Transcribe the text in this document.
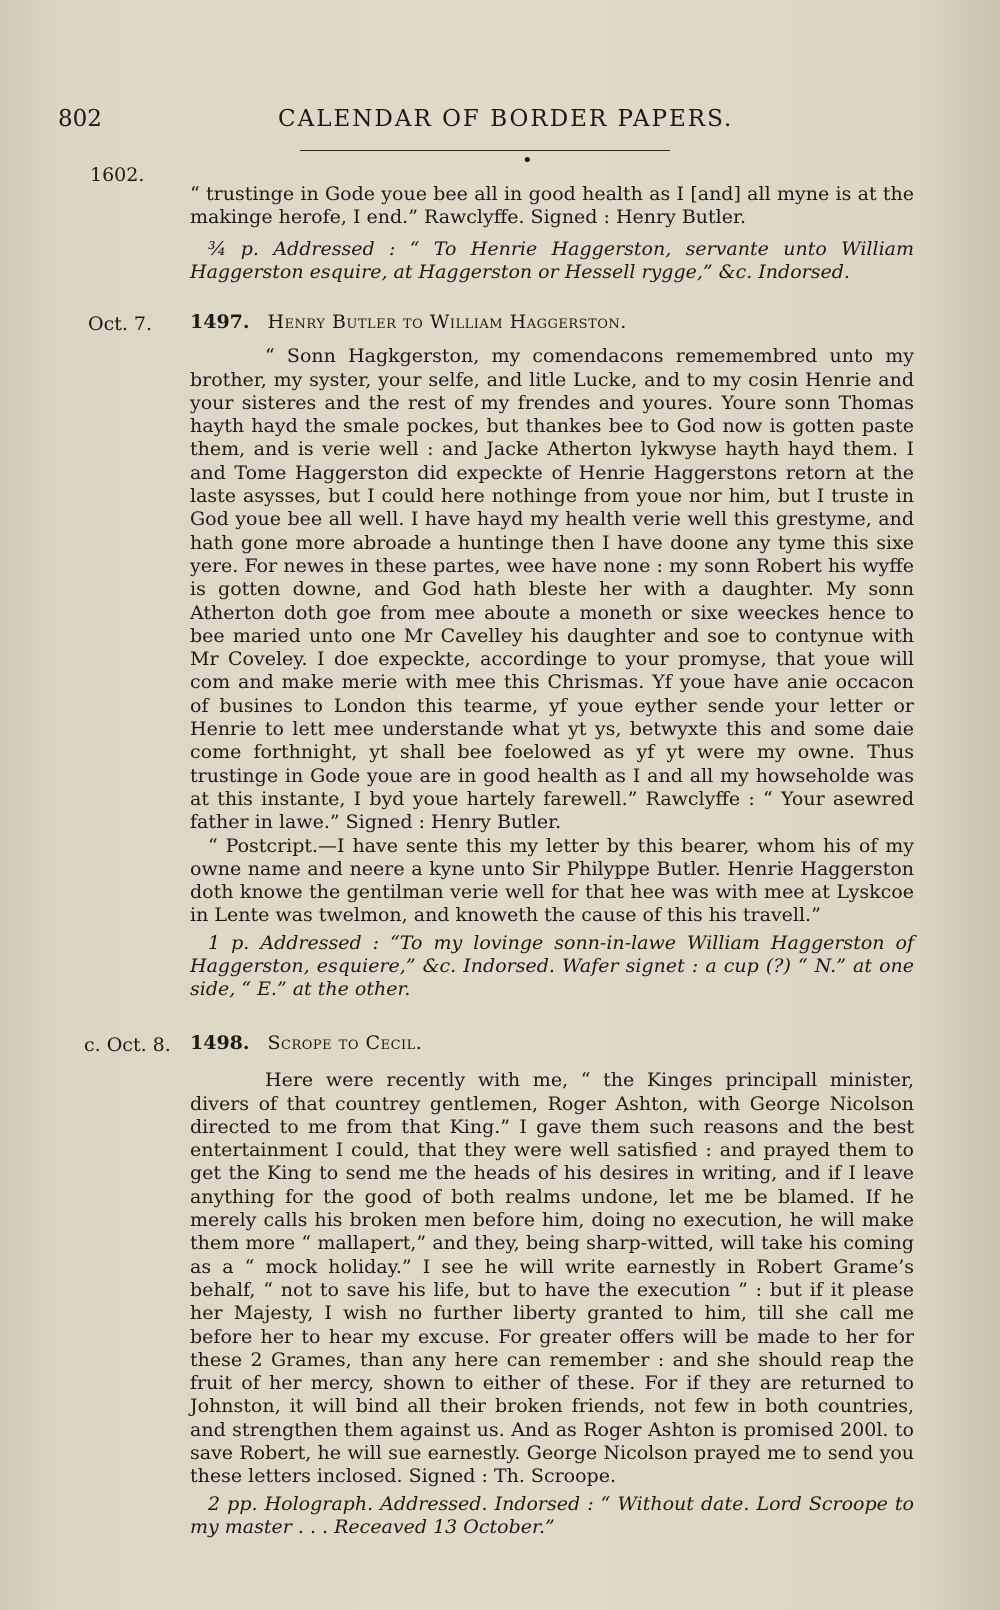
802	CALENDAR OF BORDER PAPERS.
•
1602.

“ trustinge in Gode youe bee all in good health as I [and] all myne is at the makinge herofe, I end.” Rawclyffe. Signed : Henry Butler.

¾ p. Addressed : “ To Henrie Haggerston, servante unto William Haggerston esquire, at Haggerston or Hessell rygge,” &c. Indorsed.

Oct. 7. 1497. Henry Butler to William Haggerston.

“ Sonn Hagkgerston, my comendacons rememembred unto my brother, my syster, your selfe, and litle Lucke, and to my cosin Henrie and your sisteres and the rest of my frendes and youres. Youre sonn Thomas hayth hayd the smale pockes, but thankes bee to God now is gotten paste them, and is verie well : and Jacke Atherton lykwyse hayth hayd them. I and Tome Haggerston did expeckte of Henrie Haggerstons retorn at the laste asysses, but I could here nothinge from youe nor him, but I truste in God youe bee all well. I have hayd my health verie well this grestyme, and hath gone more abroade a huntinge then I have doone any tyme this sixe yere. For newes in these partes, wee have none : my sonn Robert his wyffe is gotten downe, and God hath bleste her with a daughter. My sonn Atherton doth goe from mee aboute a moneth or sixe weeckes hence to bee maried unto one Mr Cavelley his daughter and soe to contynue with Mr Coveley. I doe expeckte, accordinge to your promyse, that youe will com and make merie with mee this Chrismas. Yf youe have anie occacon of busines to London this tearme, yf youe eyther sende your letter or Henrie to lett mee understande what yt ys, betwyxte this and some daie come forthnight, yt shall bee foelowed as yf yt were my owne. Thus trustinge in Gode youe are in good health as I and all my howseholde was at this instante, I byd youe hartely farewell.” Rawclyffe : “ Your asewred father in lawe.” Signed : Henry Butler.

“ Postcript.—I have sente this my letter by this bearer, whom his of my owne name and neere a kyne unto Sir Philyppe Butler. Henrie Haggerston doth knowe the gentilman verie well for that hee was with mee at Lyskcoe in Lente was twelmon, and knoweth the cause of this his travell.”

1 p. Addressed : “To my lovinge sonn-in-lawe William Haggerston of Haggerston, esquiere,” &c. Indorsed. Wafer signet : a cup (?) “ N.” at one side, “ E.” at the other.

c. Oct. 8. 1498. Scrope to Cecil.

Here were recently with me, “ the Kinges principall minister, divers of that countrey gentlemen, Roger Ashton, with George Nicolson directed to me from that King.” I gave them such reasons and the best entertainment I could, that they were well satisfied : and prayed them to get the King to send me the heads of his desires in writing, and if I leave anything for the good of both realms undone, let me be blamed. If he merely calls his broken men before him, doing no execution, he will make them more “ mallapert,” and they, being sharp-witted, will take his coming as a “ mock holiday.” I see he will write earnestly in Robert Grame’s behalf, “ not to save his life, but to have the execution ” : but if it please her Majesty, I wish no further liberty granted to him, till she call me before her to hear my excuse. For greater offers will be made to her for these 2 Grames, than any here can remember : and she should reap the fruit of her mercy, shown to either of these. For if they are returned to Johnston, it will bind all their broken friends, not few in both countries, and strengthen them against us. And as Roger Ashton is promised 200l. to save Robert, he will sue earnestly. George Nicolson prayed me to send you these letters inclosed. Signed : Th. Scroope.

2 pp. Holograph. Addressed. Indorsed : “ Without date. Lord Scroope to my master . . . Receaved 13 October.”
